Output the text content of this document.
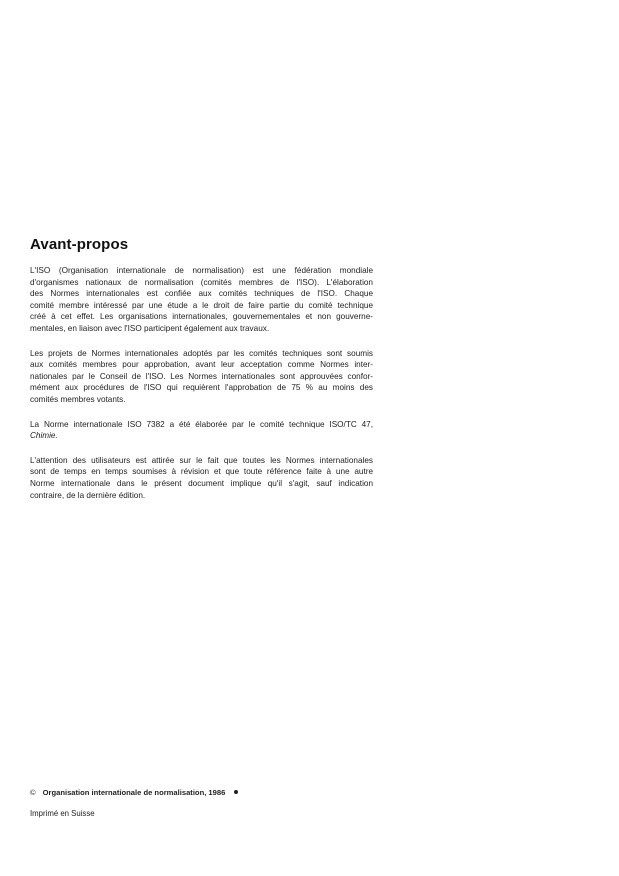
Avant-propos

L'ISO (Organisation internationale de normalisation) est une fédération mondiale
d'organismes nationaux de normalisation (comités membres de l'ISO). L'élaboration
des Normes internationales est confiée aux comités techniques de l'ISO. Chaque
comité membre intéressé par une étude a le droit de faire partie du comité technique
créé à cet effet. Les organisations internationales, gouvernementales et non gouverne-
mentales, en liaison avec l'ISO participent également aux travaux.

Les projets de Normes internationales adoptés par les comités techniques sont soumis
aux comités membres pour approbation, avant leur acceptation comme Normes inter-
nationales par le Conseil de l'ISO. Les Normes internationales sont approuvées confor-
mément aux procédures de l'ISO qui requièrent l'approbation de 75 % au moins des
comités membres votants.

La Norme internationale ISO 7382 a été élaborée par le comité technique ISO/TC 47,
Chimie.

L'attention des utilisateurs est attirée sur le fait que toutes les Normes internationales
sont de temps en temps soumises à révision et que toute référence faite à une autre
Norme internationale dans le présent document implique qu'il s'agit, sauf indication
contraire, de la dernière édition.

© Organisation internationale de normalisation, 1986
Imprimé en Suisse
